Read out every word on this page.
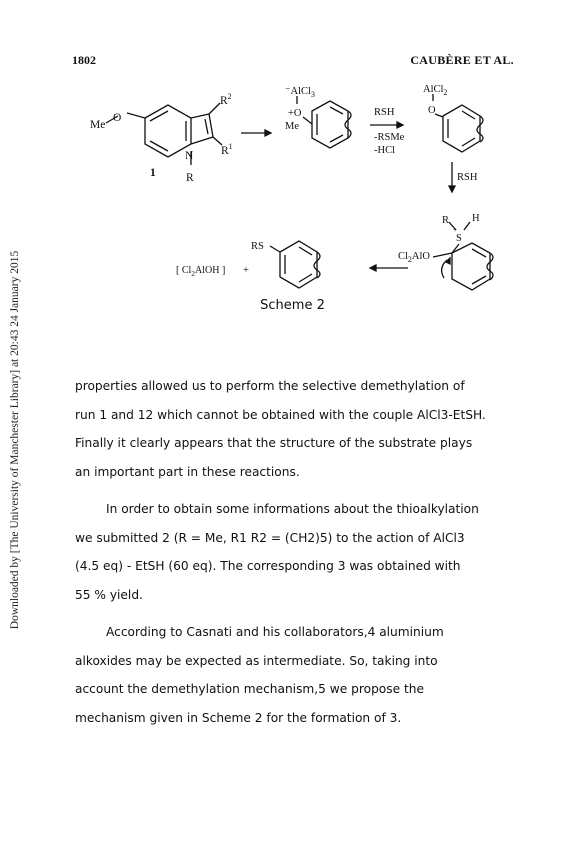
Downloaded by [The University of Manchester Library] at 20:43 24 January 2015
1802	CAUBÈRE ET AL.
Me
O
$R^2$
$R^1$
N
R
1
⁻AlCl$_3$
+O
Me
RSH
-RSMe
-HCl
AlCl$_2$
O
RSH
R H
+
S
$Cl_2AlO$
RS
[ $Cl_2AlOH$ ] +
Scheme 2

properties allowed us to perform the selective demethylation of
run 1 and 12 which cannot be obtained with the couple AlCl3-EtSH.
Finally it clearly appears that the structure of the substrate plays
an important part in these reactions.

In order to obtain some informations about the thioalkylation
we submitted 2 (R = Me, R1 R2 = (CH2)5) to the action of AlCl3
(4.5 eq) - EtSH (60 eq). The corresponding 3 was obtained with
55 % yield.

According to Casnati and his collaborators,4 aluminium
alkoxides may be expected as intermediate. So, taking into
account the demethylation mechanism,5 we propose the
mechanism given in Scheme 2 for the formation of 3.
